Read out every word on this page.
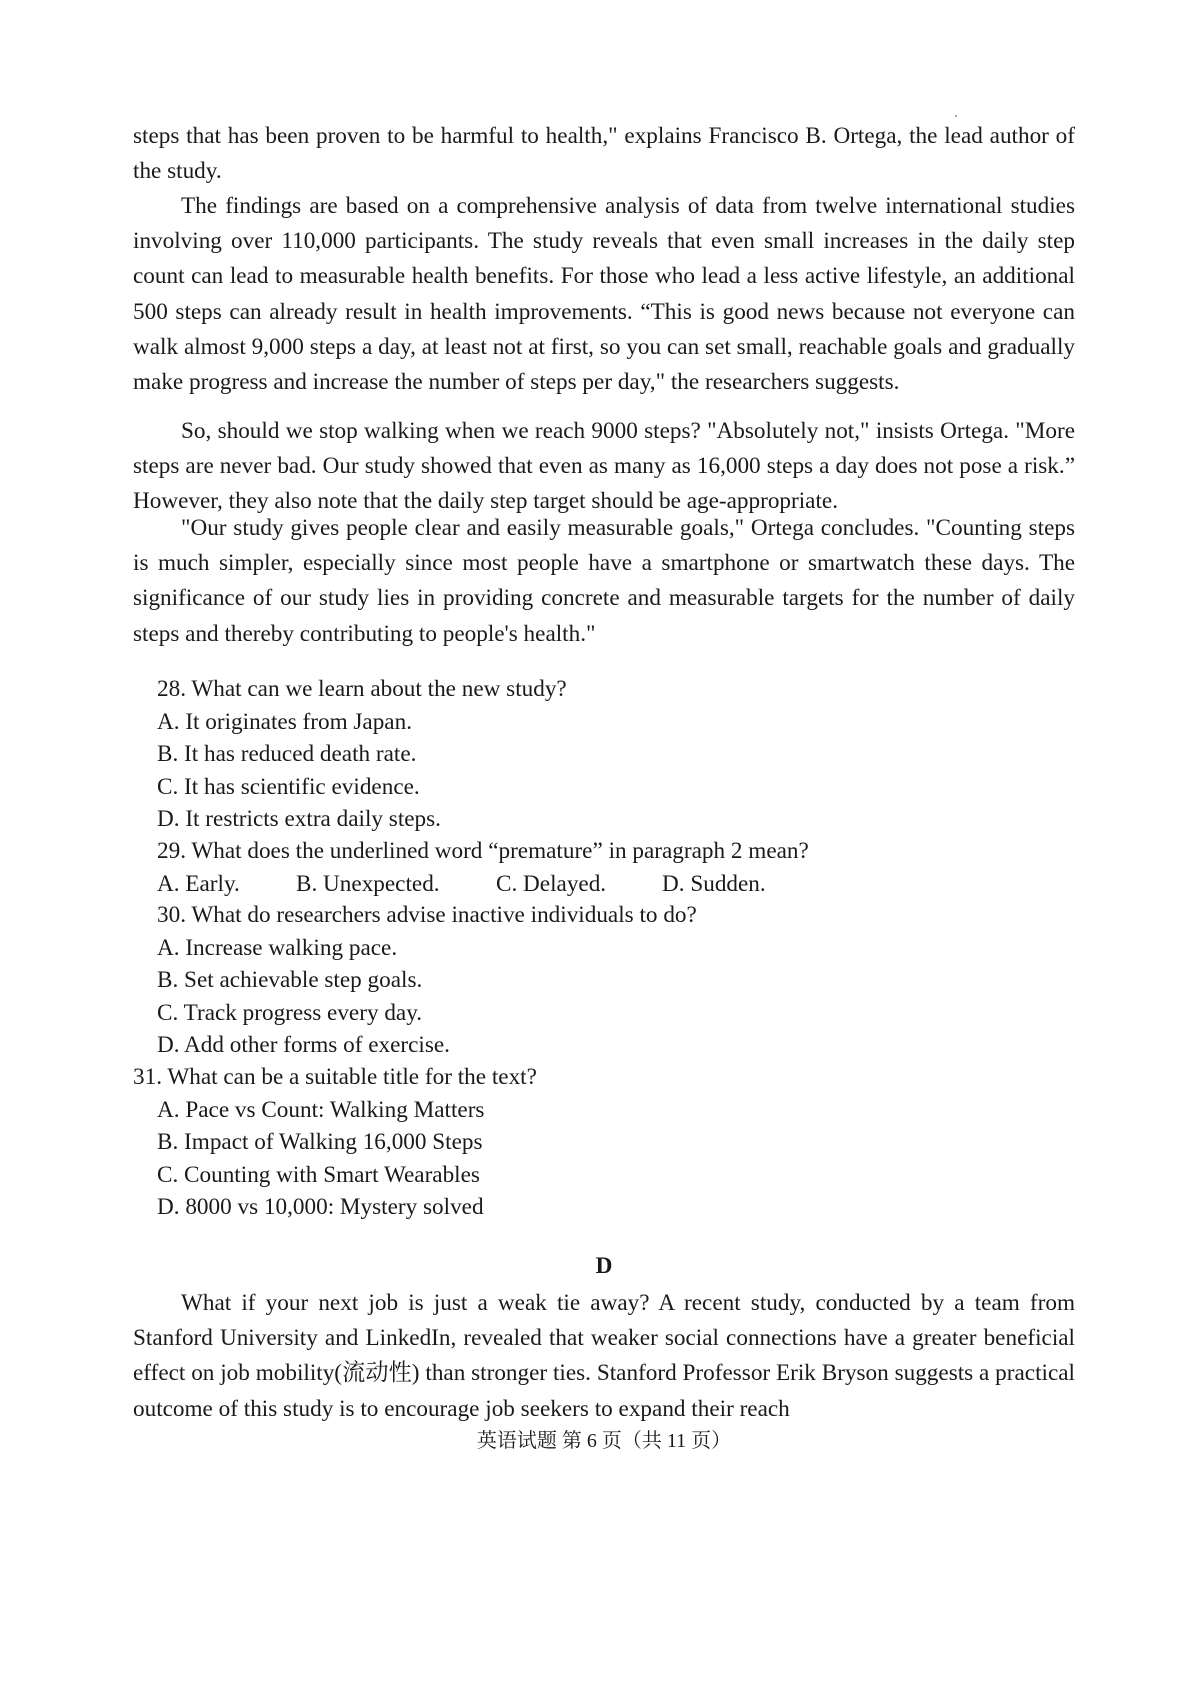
steps that has been proven to be harmful to health," explains Francisco B. Ortega, the lead author of the study.

The findings are based on a comprehensive analysis of data from twelve international studies involving over 110,000 participants. The study reveals that even small increases in the daily step count can lead to measurable health benefits. For those who lead a less active lifestyle, an additional 500 steps can already result in health improvements. “This is good news because not everyone can walk almost 9,000 steps a day, at least not at first, so you can set small, reachable goals and gradually make progress and increase the number of steps per day," the researchers suggests.

So, should we stop walking when we reach 9000 steps? "Absolutely not," insists Ortega. "More steps are never bad. Our study showed that even as many as 16,000 steps a day does not pose a risk.” However, they also note that the daily step target should be age-appropriate.

"Our study gives people clear and easily measurable goals," Ortega concludes. "Counting steps is much simpler, especially since most people have a smartphone or smartwatch these days. The significance of our study lies in providing concrete and measurable targets for the number of daily steps and thereby contributing to people's health."

28. What can we learn about the new study?

A. It originates from Japan.

B. It has reduced death rate.

C. It has scientific evidence.

D. It restricts extra daily steps.

29. What does the underlined word “premature” in paragraph 2 mean?

A. Early. B. Unexpected. C. Delayed. D. Sudden.

30. What do researchers advise inactive individuals to do?

A. Increase walking pace.

B. Set achievable step goals.

C. Track progress every day.

D. Add other forms of exercise.

31. What can be a suitable title for the text?

A. Pace vs Count: Walking Matters

B. Impact of Walking 16,000 Steps

C. Counting with Smart Wearables

D. 8000 vs 10,000: Mystery solved

D

What if your next job is just a weak tie away? A recent study, conducted by a team from Stanford University and LinkedIn, revealed that weaker social connections have a greater beneficial effect on job mobility(流动性) than stronger ties. Stanford Professor Erik Bryson suggests a practical outcome of this study is to encourage job seekers to expand their reach

英语试题 第 6 页（共 11 页）
